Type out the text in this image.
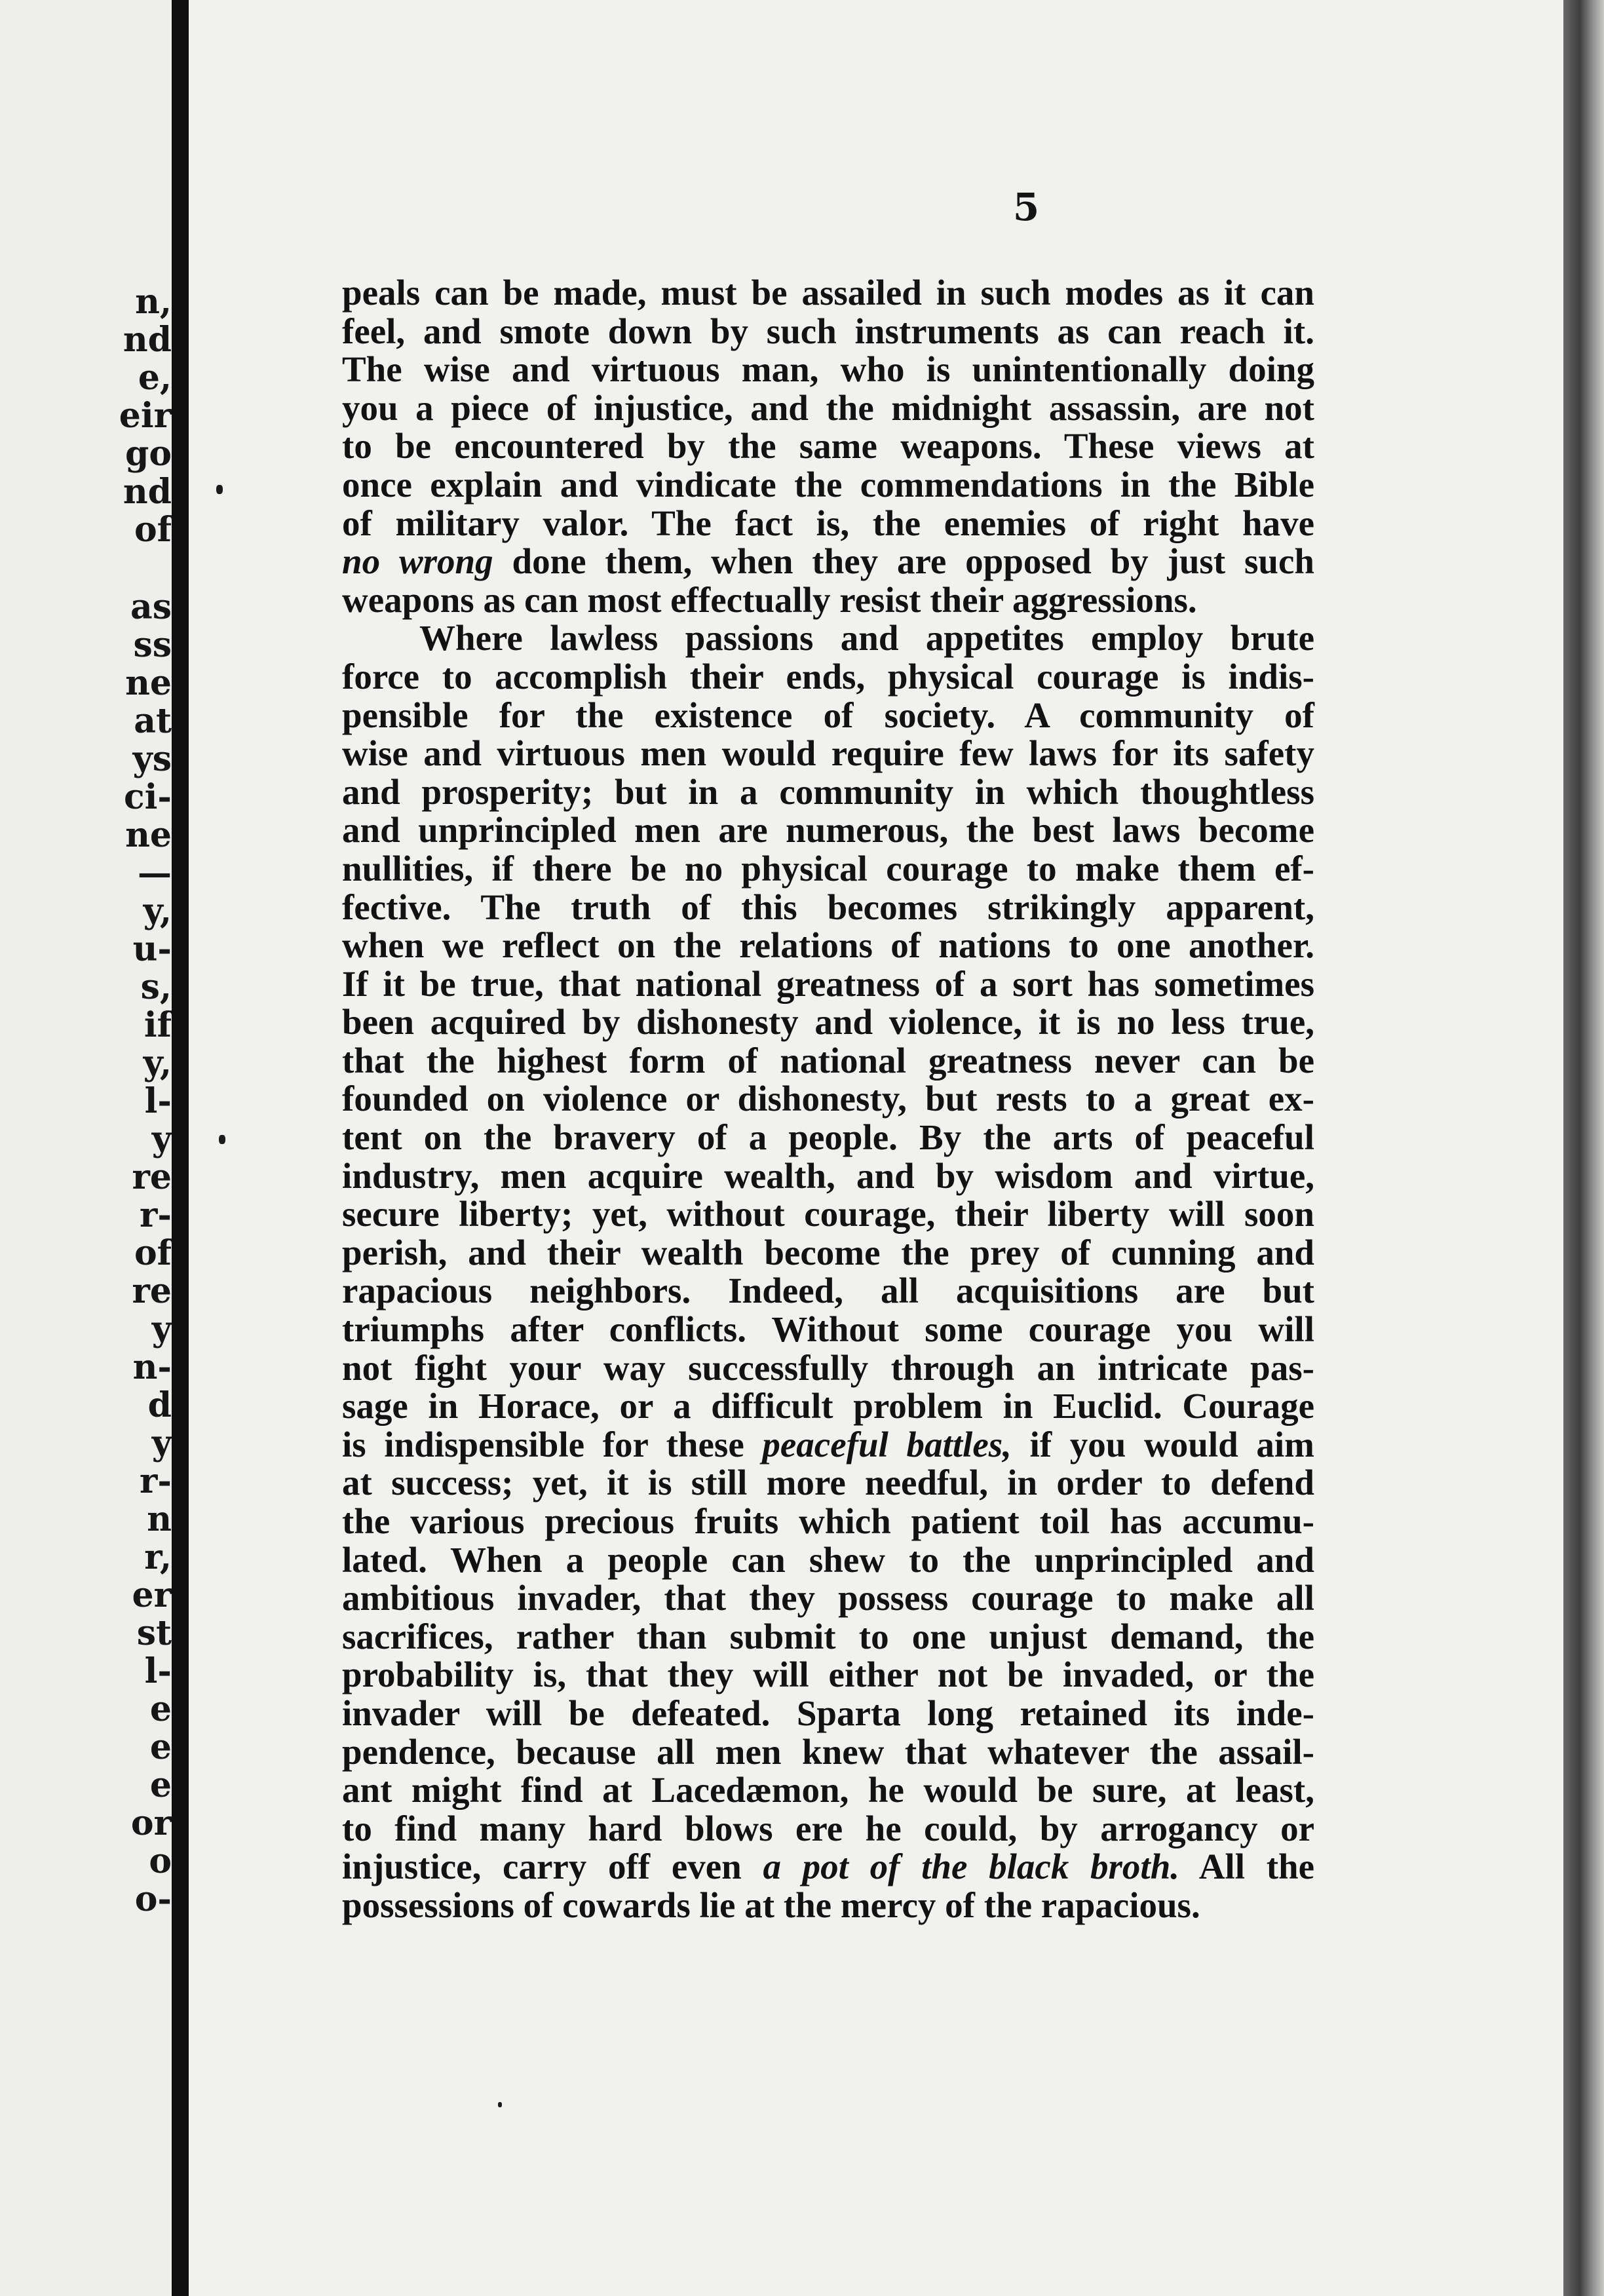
n,
nd
e,
eir
go
nd
of
as
ss
ne
at
ys
ci-
ne
—
y,
u-
s,
if
y,
l-
y
re
r-
of
re
y
n-
d
y
r-
n
r,
er
st
l-
e
e
e
or
o
o-
5
peals can be made, must be assailed in such modes as it can
feel, and smote down by such instruments as can reach it.
The wise and virtuous man, who is unintentionally doing
you a piece of injustice, and the midnight assassin, are not
to be encountered by the same weapons. These views at
once explain and vindicate the commendations in the Bible
of military valor. The fact is, the enemies of right have
no wrong done them, when they are opposed by just such
weapons as can most effectually resist their aggressions.
Where lawless passions and appetites employ brute
force to accomplish their ends, physical courage is indis-
pensible for the existence of society. A community of
wise and virtuous men would require few laws for its safety
and prosperity; but in a community in which thoughtless
and unprincipled men are numerous, the best laws become
nullities, if there be no physical courage to make them ef-
fective. The truth of this becomes strikingly apparent,
when we reflect on the relations of nations to one another.
If it be true, that national greatness of a sort has sometimes
been acquired by dishonesty and violence, it is no less true,
that the highest form of national greatness never can be
founded on violence or dishonesty, but rests to a great ex-
tent on the bravery of a people. By the arts of peaceful
industry, men acquire wealth, and by wisdom and virtue,
secure liberty; yet, without courage, their liberty will soon
perish, and their wealth become the prey of cunning and
rapacious neighbors. Indeed, all acquisitions are but
triumphs after conflicts. Without some courage you will
not fight your way successfully through an intricate pas-
sage in Horace, or a difficult problem in Euclid. Courage
is indispensible for these peaceful battles, if you would aim
at success; yet, it is still more needful, in order to defend
the various precious fruits which patient toil has accumu-
lated. When a people can shew to the unprincipled and
ambitious invader, that they possess courage to make all
sacrifices, rather than submit to one unjust demand, the
probability is, that they will either not be invaded, or the
invader will be defeated. Sparta long retained its inde-
pendence, because all men knew that whatever the assail-
ant might find at Lacedæmon, he would be sure, at least,
to find many hard blows ere he could, by arrogancy or
injustice, carry off even a pot of the black broth. All the
possessions of cowards lie at the mercy of the rapacious.
